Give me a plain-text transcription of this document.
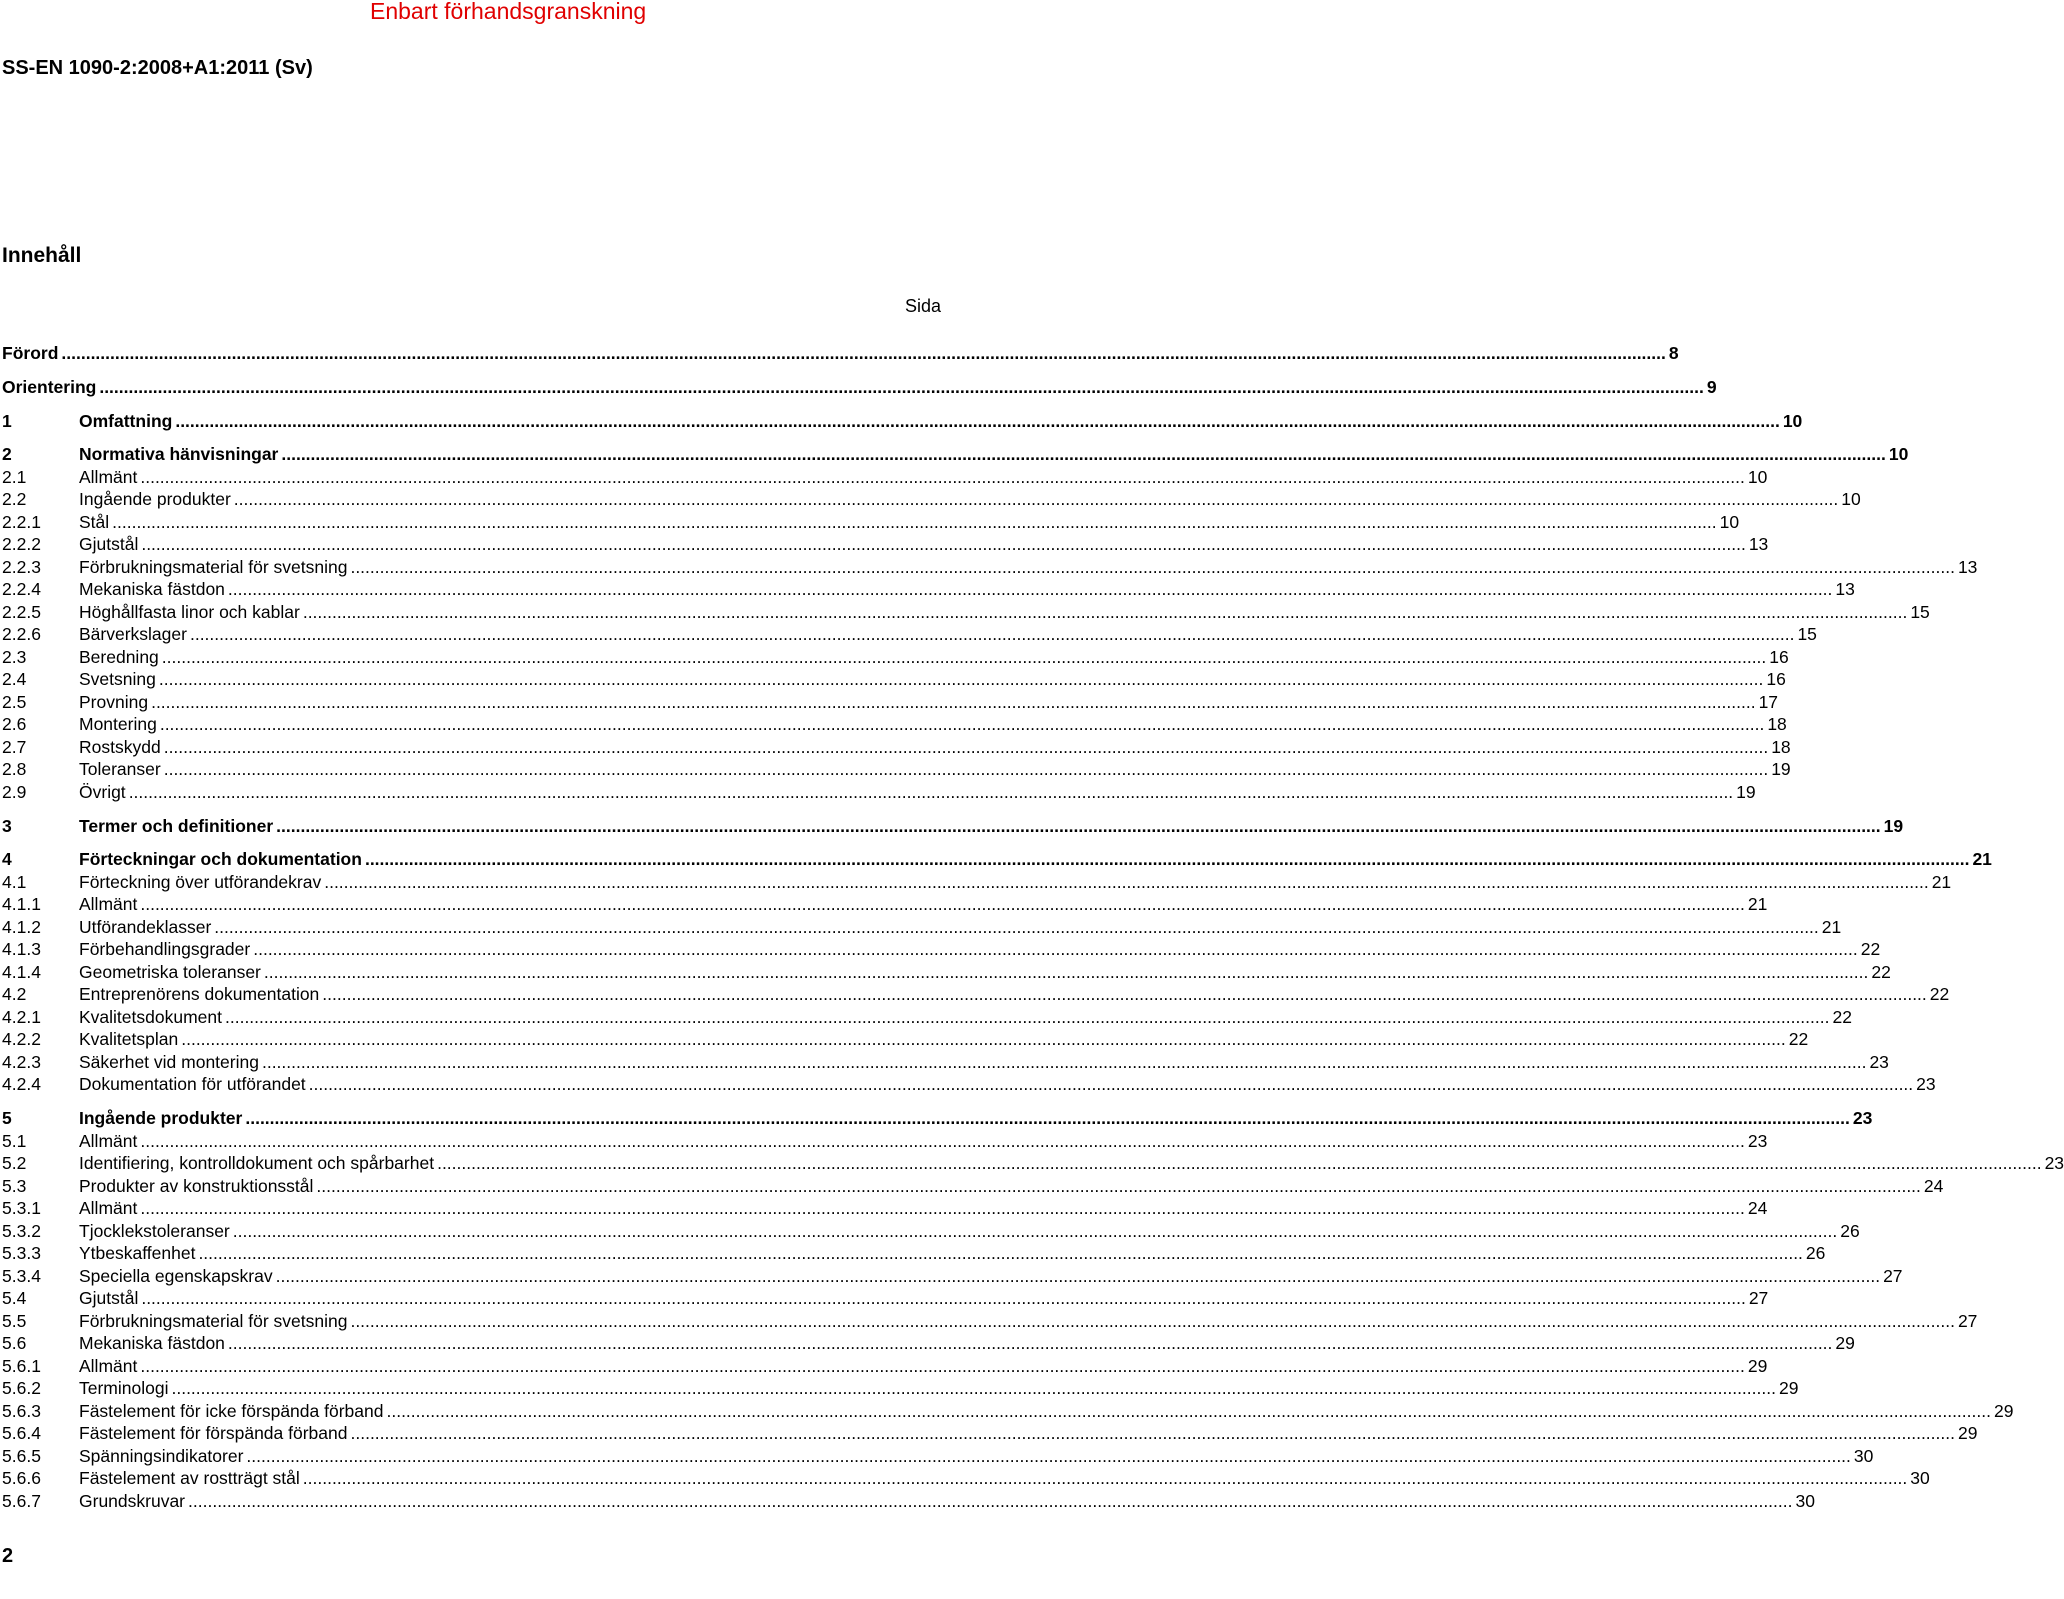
Enbart förhandsgranskning
SS-EN 1090-2:2008+A1:2011 (Sv)
Innehåll
Sida
Förord .....	8
Orientering .....	9
1	Omfattning .....	10
2	Normativa hänvisningar .....	10
2.1	Allmänt .....	10
2.2	Ingående produkter .....	10
2.2.1	Stål .....	10
2.2.2	Gjutstål .....	13
2.2.3	Förbrukningsmaterial för svetsning .....	13
2.2.4	Mekaniska fästdon .....	13
2.2.5	Höghållfasta linor och kablar .....	15
2.2.6	Bärverkslager .....	15
2.3	Beredning .....	16
2.4	Svetsning .....	16
2.5	Provning .....	17
2.6	Montering .....	18
2.7	Rostskydd .....	18
2.8	Toleranser .....	19
2.9	Övrigt .....	19
3	Termer och definitioner .....	19
4	Förteckningar och dokumentation .....	21
4.1	Förteckning över utförandekrav .....	21
4.1.1	Allmänt .....	21
4.1.2	Utförandeklasser .....	21
4.1.3	Förbehandlingsgrader .....	22
4.1.4	Geometriska toleranser .....	22
4.2	Entreprenörens dokumentation .....	22
4.2.1	Kvalitetsdokument .....	22
4.2.2	Kvalitetsplan .....	22
4.2.3	Säkerhet vid montering .....	23
4.2.4	Dokumentation för utförandet .....	23
5	Ingående produkter .....	23
5.1	Allmänt .....	23
5.2	Identifiering, kontrolldokument och spårbarhet .....	23
5.3	Produkter av konstruktionsstål .....	24
5.3.1	Allmänt .....	24
5.3.2	Tjocklekstoleranser .....	26
5.3.3	Ytbeskaffenhet .....	26
5.3.4	Speciella egenskapskrav .....	27
5.4	Gjutstål .....	27
5.5	Förbrukningsmaterial för svetsning .....	27
5.6	Mekaniska fästdon .....	29
5.6.1	Allmänt .....	29
5.6.2	Terminologi .....	29
5.6.3	Fästelement för icke förspända förband .....	29
5.6.4	Fästelement för förspända förband .....	29
5.6.5	Spänningsindikatorer .....	30
5.6.6	Fästelement av rostträgt stål .....	30
5.6.7	Grundskruvar .....	30
2
